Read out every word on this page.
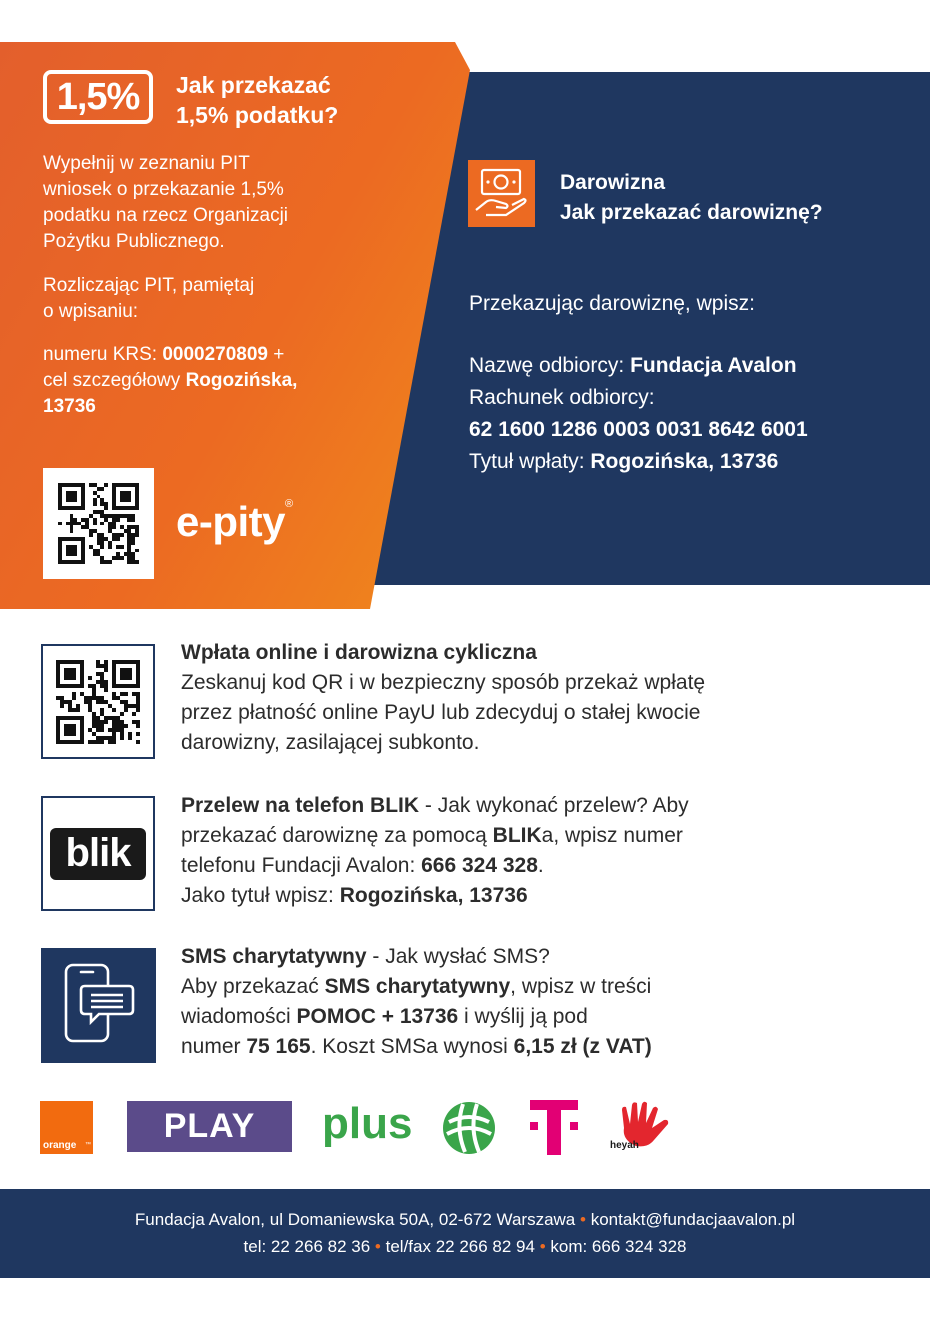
1,5%	Jak przekazać
1,5% podatku?
Wypełnij w zeznaniu PIT
wniosek o przekazanie 1,5%
podatku na rzecz Organizacji
Pożytku Publicznego.
Rozliczając PIT, pamiętaj
o wpisaniu:
numeru KRS: 0000270809 +
cel szczegółowy Rogozińska,
13736
e-pity®
Darowizna
Jak przekazać darowiznę?
Przekazując darowiznę, wpisz:
Nazwę odbiorcy: Fundacja Avalon
Rachunek odbiorcy:
62 1600 1286 0003 0031 8642 6001
Tytuł wpłaty: Rogozińska, 13736
Wpłata online i darowizna cykliczna
Zeskanuj kod QR i w bezpieczny sposób przekaż wpłatę
przez płatność online PayU lub zdecyduj o stałej kwocie
darowizny, zasilającej subkonto.
blik
Przelew na telefon BLIK - Jak wykonać przelew? Aby
przekazać darowiznę za pomocą BLIKa, wpisz numer
telefonu Fundacji Avalon: 666 324 328.
Jako tytuł wpisz: Rogozińska, 13736
SMS charytatywny - Jak wysłać SMS?
Aby przekazać SMS charytatywny, wpisz w treści
wiadomości POMOC + 13736 i wyślij ją pod
numer 75 165. Koszt SMSa wynosi 6,15 zł (z VAT)
orange ™	PLAY	plus	heyah
Fundacja Avalon, ul Domaniewska 50A, 02-672 Warszawa • kontakt@fundacjaavalon.pl
tel: 22 266 82 36 • tel/fax 22 266 82 94 • kom: 666 324 328
